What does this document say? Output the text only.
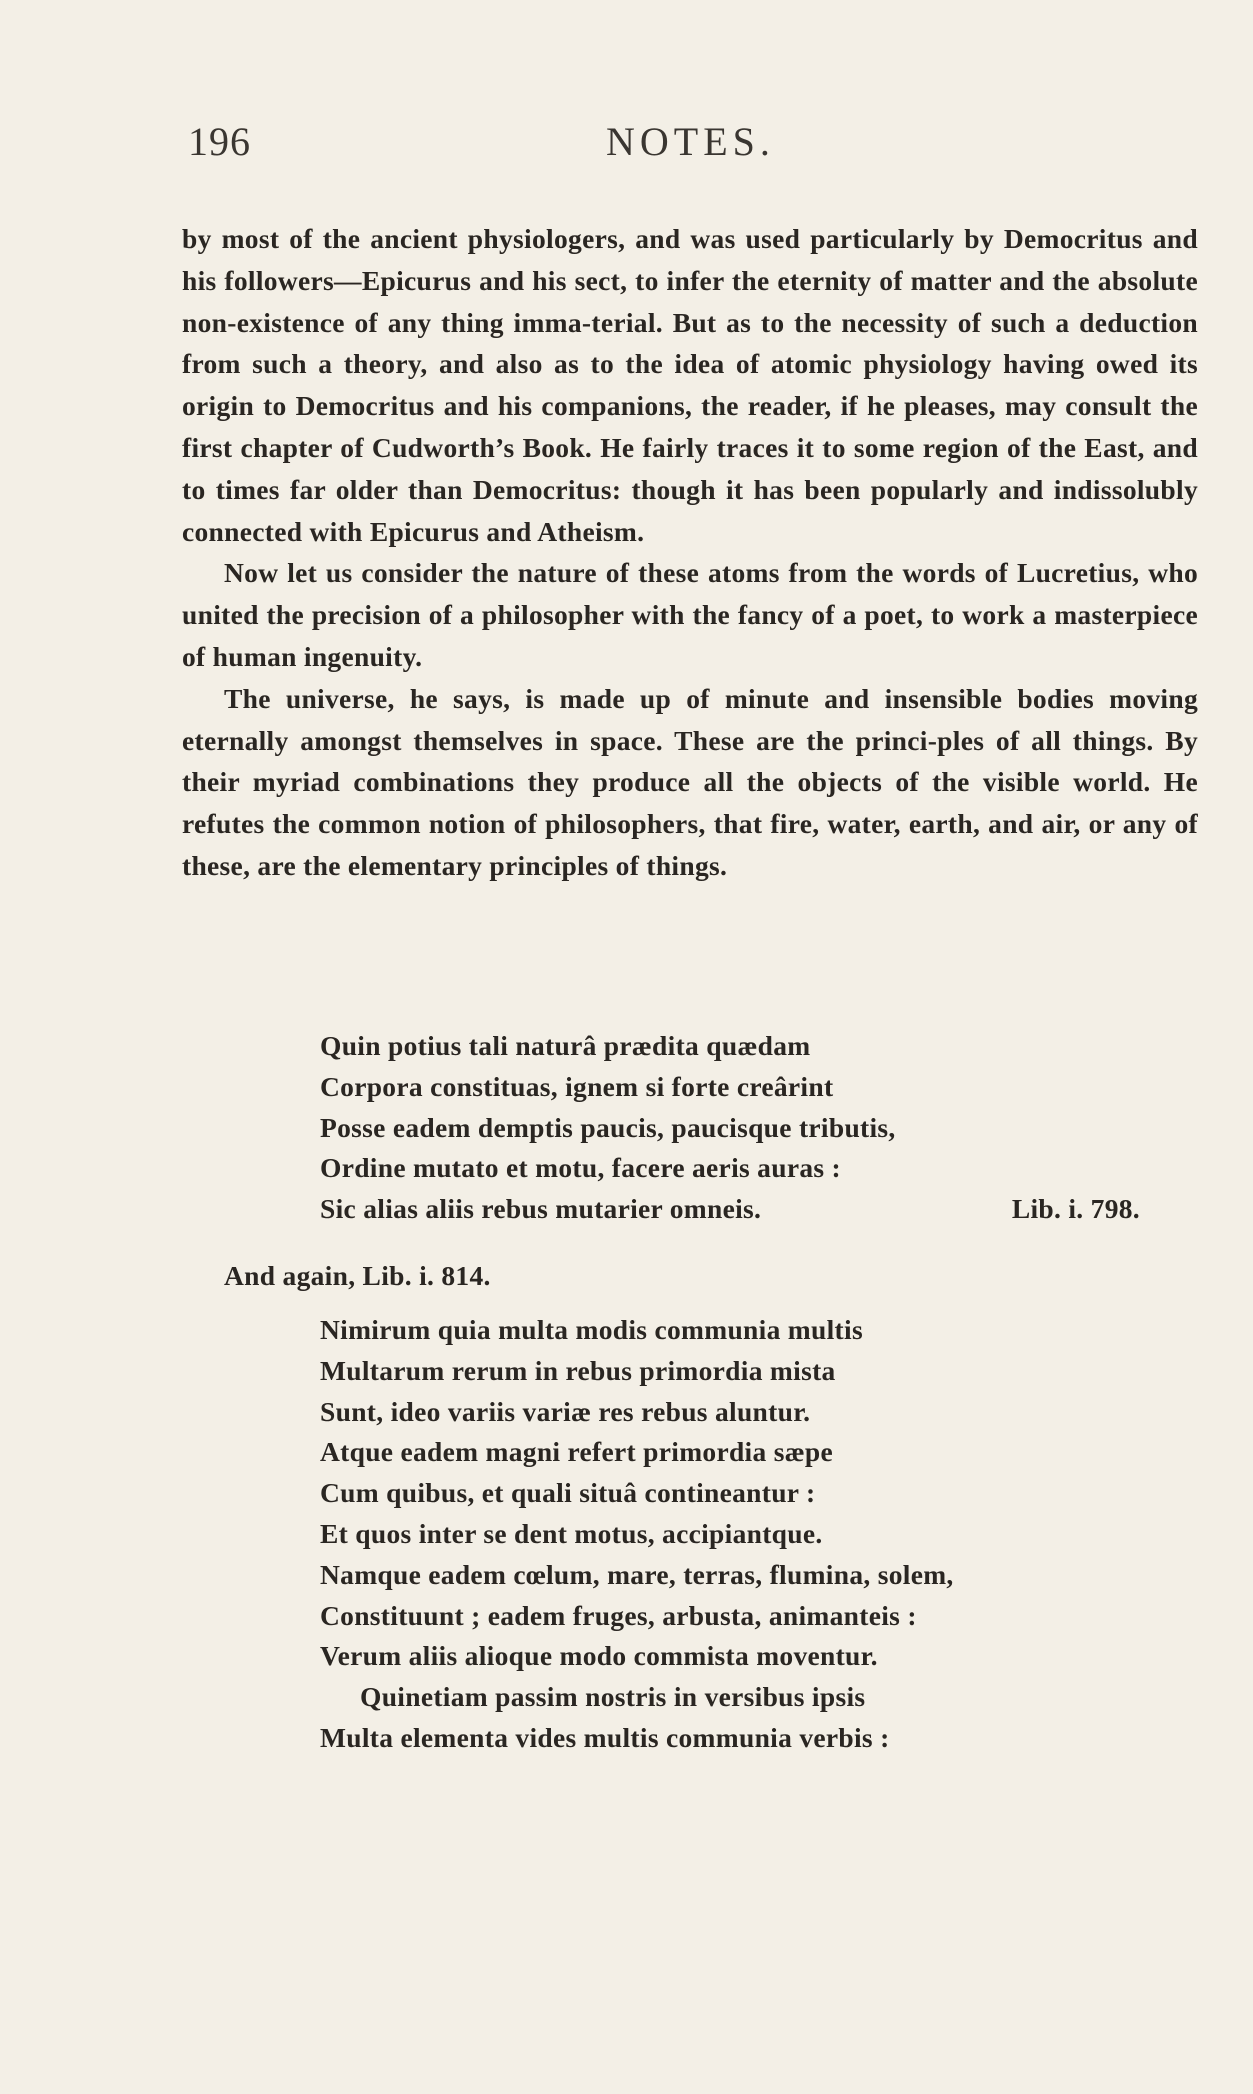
196	NOTES.

by most of the ancient physiologers, and was used particularly by Democritus and his followers—Epicurus and his sect, to infer the eternity of matter and the absolute non-existence of any thing imma-terial. But as to the necessity of such a deduction from such a theory, and also as to the idea of atomic physiology having owed its origin to Democritus and his companions, the reader, if he pleases, may consult the first chapter of Cudworth’s Book. He fairly traces it to some region of the East, and to times far older than Democritus: though it has been popularly and indissolubly connected with Epicurus and Atheism.

Now let us consider the nature of these atoms from the words of Lucretius, who united the precision of a philosopher with the fancy of a poet, to work a masterpiece of human ingenuity.

The universe, he says, is made up of minute and insensible bodies moving eternally amongst themselves in space. These are the princi-ples of all things. By their myriad combinations they produce all the objects of the visible world. He refutes the common notion of philosophers, that fire, water, earth, and air, or any of these, are the elementary principles of things.

Quin potius tali naturâ prædita quædam
Corpora constituas, ignem si forte creârint
Posse eadem demptis paucis, paucisque tributis,
Ordine mutato et motu, facere aeris auras :
Sic alias aliis rebus mutarier omneis.	Lib. i. 798.
And again, Lib. i. 814.
Nimirum quia multa modis communia multis
Multarum rerum in rebus primordia mista
Sunt, ideo variis variæ res rebus aluntur.
Atque eadem magni refert primordia sæpe
Cum quibus, et quali situâ contineantur :
Et quos inter se dent motus, accipiantque.
Namque eadem cœlum, mare, terras, flumina, solem,
Constituunt ; eadem fruges, arbusta, animanteis :
Verum aliis alioque modo commista moventur.
Quinetiam passim nostris in versibus ipsis
Multa elementa vides multis communia verbis :
